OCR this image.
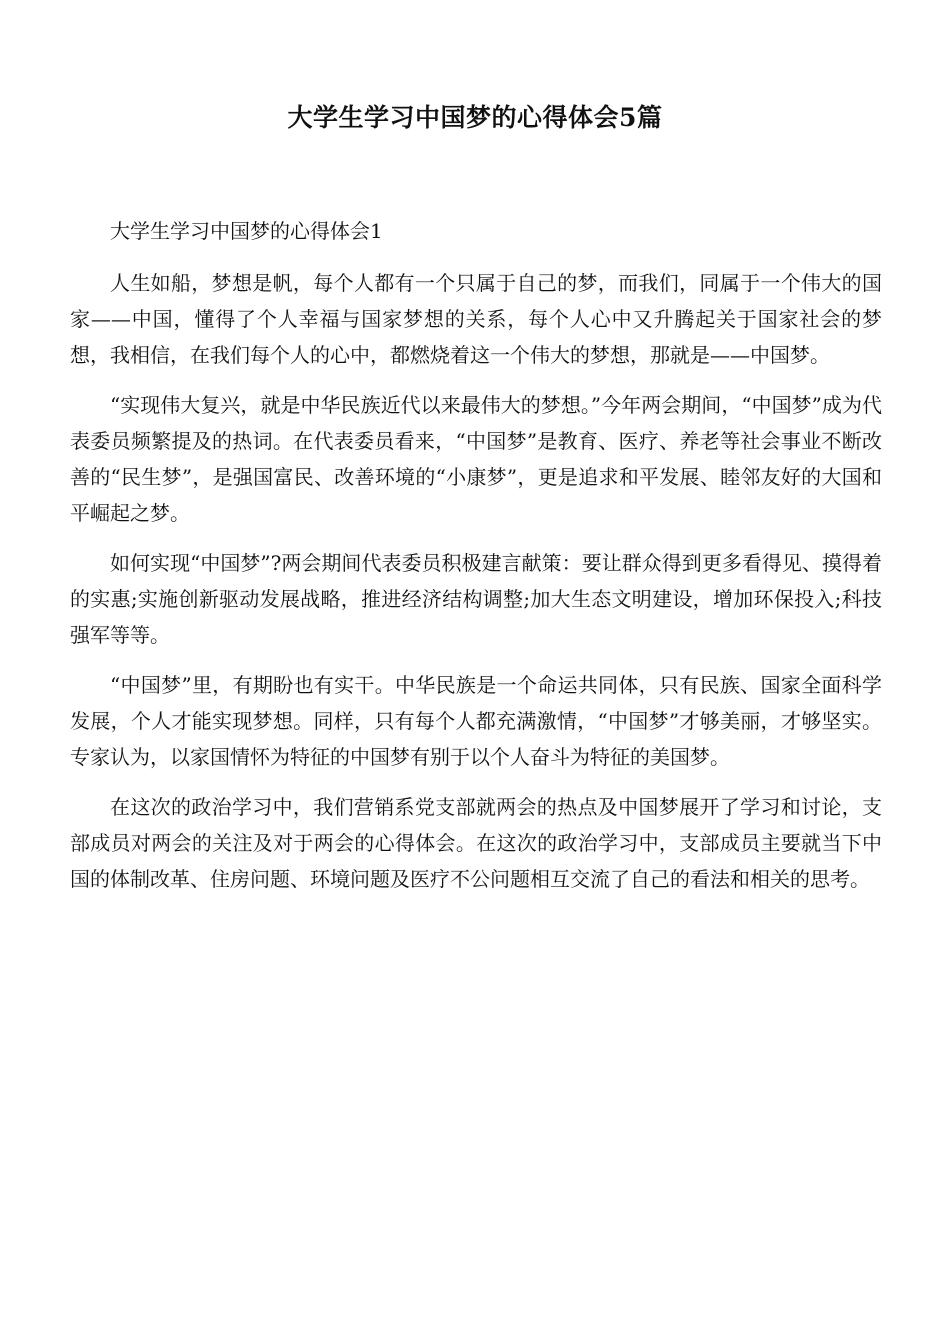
大学生学习中国梦的心得体会5篇

大学生学习中国梦的心得体会1

人生如船，梦想是帆，每个人都有一个只属于自己的梦，而我们，同属于一个伟大的国家——中国，懂得了个人幸福与国家梦想的关系，每个人心中又升腾起关于国家社会的梦想，我相信，在我们每个人的心中，都燃烧着这一个伟大的梦想，那就是——中国梦。

“实现伟大复兴，就是中华民族近代以来最伟大的梦想。”今年两会期间，“中国梦”成为代表委员频繁提及的热词。在代表委员看来，“中国梦”是教育、医疗、养老等社会事业不断改善的“民生梦”，是强国富民、改善环境的“小康梦”，更是追求和平发展、睦邻友好的大国和平崛起之梦。

如何实现“中国梦”?两会期间代表委员积极建言献策：要让群众得到更多看得见、摸得着的实惠;实施创新驱动发展战略，推进经济结构调整;加大生态文明建设，增加环保投入;科技强军等等。

“中国梦”里，有期盼也有实干。中华民族是一个命运共同体，只有民族、国家全面科学发展，个人才能实现梦想。同样，只有每个人都充满激情，“中国梦”才够美丽，才够坚实。专家认为，以家国情怀为特征的中国梦有别于以个人奋斗为特征的美国梦。

在这次的政治学习中，我们营销系党支部就两会的热点及中国梦展开了学习和讨论，支部成员对两会的关注及对于两会的心得体会。在这次的政治学习中，支部成员主要就当下中国的体制改革、住房问题、环境问题及医疗不公问题相互交流了自己的看法和相关的思考。
